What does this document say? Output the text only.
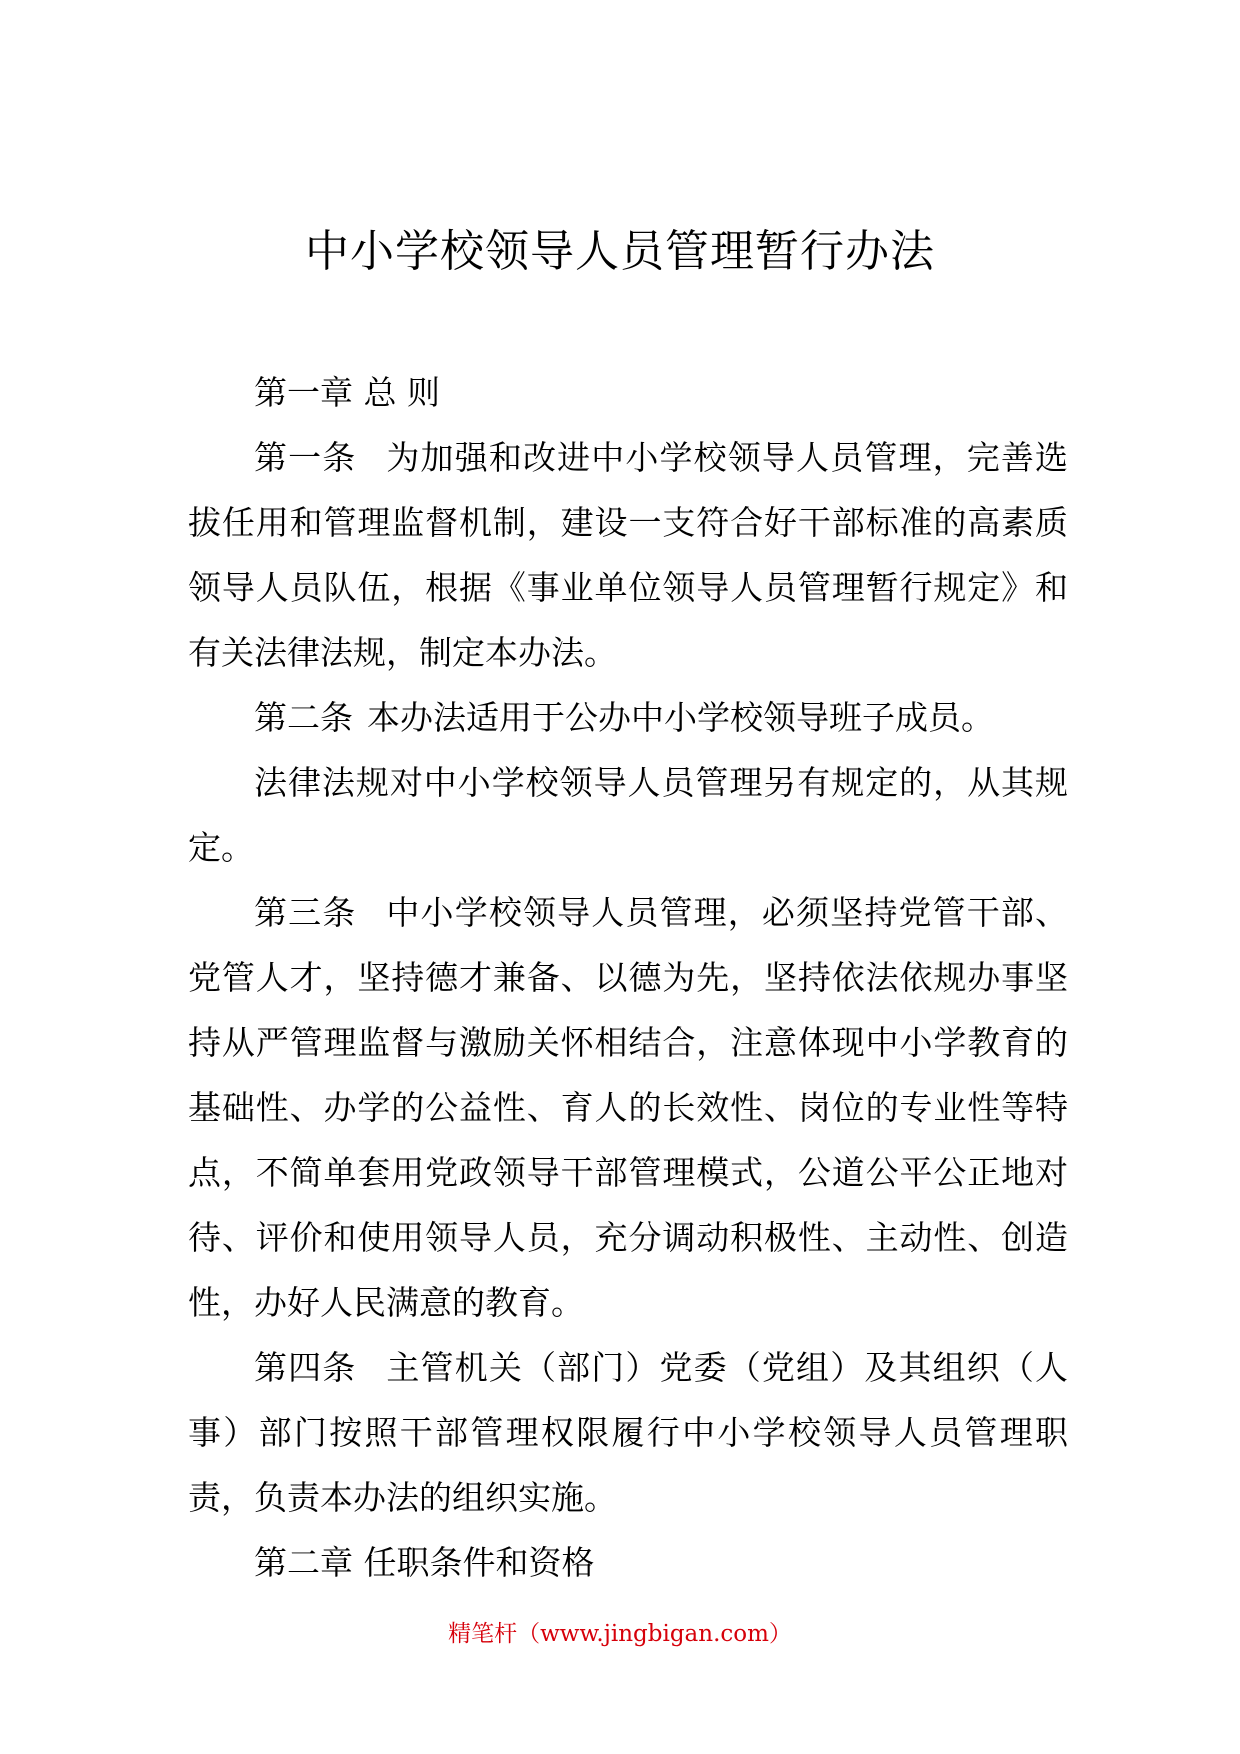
中小学校领导人员管理暂行办法

第一章 总 则

第一条 为加强和改进中小学校领导人员管理，完善选拔任用和管理监督机制，建设一支符合好干部标准的高素质领导人员队伍，根据《事业单位领导人员管理暂行规定》和有关法律法规，制定本办法。

第二条 本办法适用于公办中小学校领导班子成员。

法律法规对中小学校领导人员管理另有规定的，从其规定。

第三条 中小学校领导人员管理，必须坚持党管干部、党管人才，坚持德才兼备、以德为先，坚持依法依规办事坚持从严管理监督与激励关怀相结合，注意体现中小学教育的基础性、办学的公益性、育人的长效性、岗位的专业性等特点，不简单套用党政领导干部管理模式，公道公平公正地对待、评价和使用领导人员，充分调动积极性、主动性、创造性，办好人民满意的教育。

第四条 主管机关（部门）党委（党组）及其组织（人事）部门按照干部管理权限履行中小学校领导人员管理职责，负责本办法的组织实施。

第二章 任职条件和资格

精笔杆（www.jingbigan.com）
